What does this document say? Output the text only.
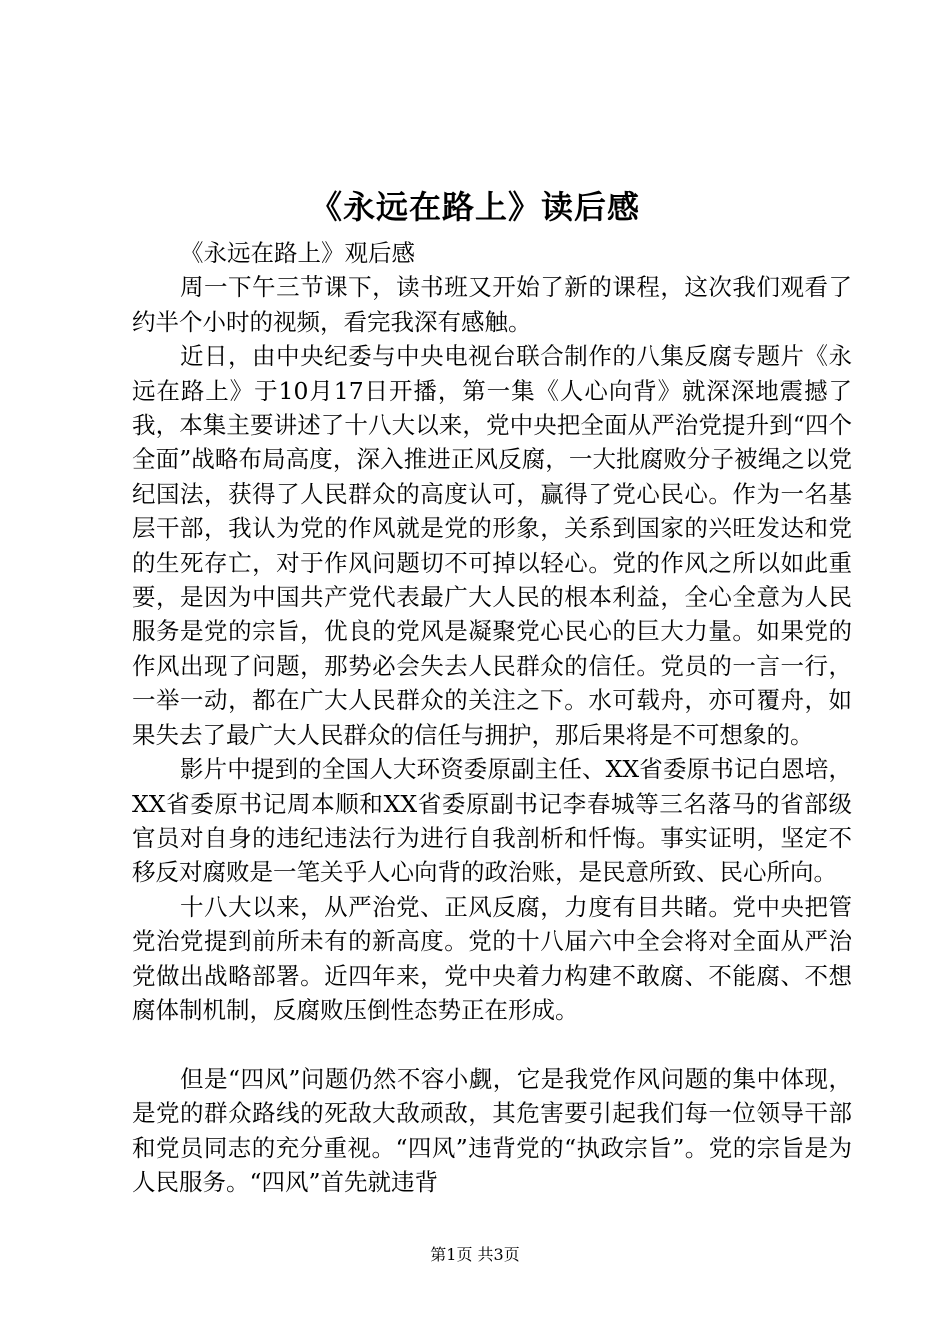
《永远在路上》读后感

《永远在路上》观后感

周一下午三节课下，读书班又开始了新的课程，这次我们观看了约半个小时的视频，看完我深有感触。

近日，由中央纪委与中央电视台联合制作的八集反腐专题片《永远在路上》于10月17日开播，第一集《人心向背》就深深地震撼了我，本集主要讲述了十八大以来，党中央把全面从严治党提升到“四个全面”战略布局高度，深入推进正风反腐，一大批腐败分子被绳之以党纪国法，获得了人民群众的高度认可，赢得了党心民心。作为一名基层干部，我认为党的作风就是党的形象，关系到国家的兴旺发达和党的生死存亡，对于作风问题切不可掉以轻心。党的作风之所以如此重要，是因为中国共产党代表最广大人民的根本利益，全心全意为人民服务是党的宗旨，优良的党风是凝聚党心民心的巨大力量。如果党的作风出现了问题，那势必会失去人民群众的信任。党员的一言一行，一举一动，都在广大人民群众的关注之下。水可载舟，亦可覆舟，如果失去了最广大人民群众的信任与拥护，那后果将是不可想象的。

影片中提到的全国人大环资委原副主任、XX省委原书记白恩培，XX省委原书记周本顺和XX省委原副书记李春城等三名落马的省部级官员对自身的违纪违法行为进行自我剖析和忏悔。事实证明，坚定不移反对腐败是一笔关乎人心向背的政治账，是民意所致、民心所向。

十八大以来，从严治党、正风反腐，力度有目共睹。党中央把管党治党提到前所未有的新高度。党的十八届六中全会将对全面从严治党做出战略部署。近四年来，党中央着力构建不敢腐、不能腐、不想腐体制机制，反腐败压倒性态势正在形成。

但是“四风”问题仍然不容小觑，它是我党作风问题的集中体现，是党的群众路线的死敌大敌顽敌，其危害要引起我们每一位领导干部和党员同志的充分重视。“四风”违背党的“执政宗旨”。党的宗旨是为人民服务。“四风”首先就违背

第1页 共3页
